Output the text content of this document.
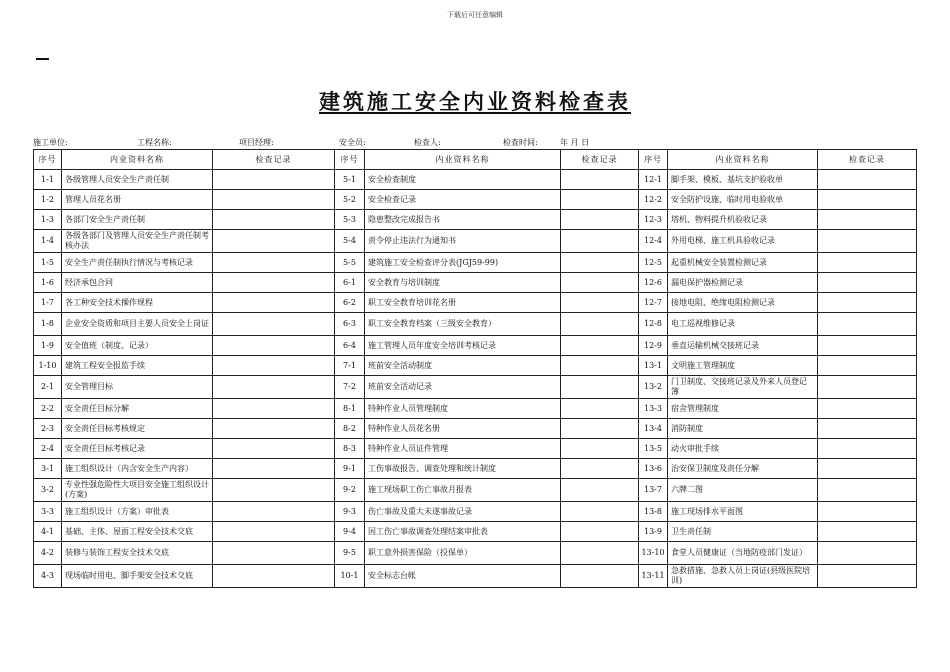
下载后可任意编辑
建筑施工安全内业资料检查表
施工单位:	工程名称:	项目经理:	安全员:	检查人:	检查时间:	年 月 日
序号	内业资料名称	检查记录	序号	内业资料名称	检查记录	序号	内业资料名称	检查记录
1-1	各级管理人员安全生产责任制		5-1	安全检查制度		12-1	脚手架、模板、基坑支护验收单	
1-2	管理人员花名册		5-2	安全检查记录		12-2	安全防护设施、临时用电验收单	
1-3	各部门安全生产责任制		5-3	隐患整改完成报告书		12-3	塔机、物料提升机验收记录	
1-4	各级各部门及管理人员安全生产责任制考核办法		5-4	责令停止违法行为通知书		12-4	外用电梯、施工机具验收记录	
1-5	安全生产责任制执行情况与考核记录		5-5	建筑施工安全检查评分表(JGJ59-99)		12-5	起重机械安全装置检测记录	
1-6	经济承包合同		6-1	安全教育与培训制度		12-6	漏电保护器检测记录	
1-7	各工种安全技术操作规程		6-2	职工安全教育培训花名册		12-7	接地电阻、绝缘电阻检测记录	
1-8	企业安全资质和项目主要人员安全上岗证		6-3	职工安全教育档案（三级安全教育）		12-8	电工巡视维修记录	
1-9	安全值班（制度、记录）		6-4	施工管理人员年度安全培训考核记录		12-9	垂直运输机械交接班记录	
1-10	建筑工程安全报监手续		7-1	班前安全活动制度		13-1	文明施工管理制度	
2-1	安全管理目标		7-2	班前安全活动记录		13-2	门卫制度、交接班记录及外来人员登记簿	
2-2	安全责任目标分解		8-1	特种作业人员管理制度		13-3	宿舍管理制度	
2-3	安全责任目标考核规定		8-2	特种作业人员花名册		13-4	消防制度	
2-4	安全责任目标考核记录		8-3	特种作业人员证件管理		13-5	动火审批手续	
3-1	施工组织设计（内含安全生产内容）		9-1	工伤事故报告、调查处理和统计制度		13-6	治安保卫制度及责任分解	
3-2	专业性强危险性大项目安全施工组织设计(方案)		9-2	施工现场职工伤亡事故月报表		13-7	六牌二图	
3-3	施工组织设计（方案）审批表		9-3	伤亡事故及重大未遂事故记录		13-8	施工现场排水平面图	
4-1	基础、主体、屋面工程安全技术交底		9-4	因工伤亡事故调查处理结案审批表		13-9	卫生责任制	
4-2	装修与装饰工程安全技术交底		9-5	职工意外损害保险（投保单）		13-10	食堂人员健康证（当地防疫部门发证）	
4-3	现场临时用电、脚手架安全技术交底		10-1	安全标志台帐		13-11	急救措施、急救人员上岗证(县级医院培训)	
